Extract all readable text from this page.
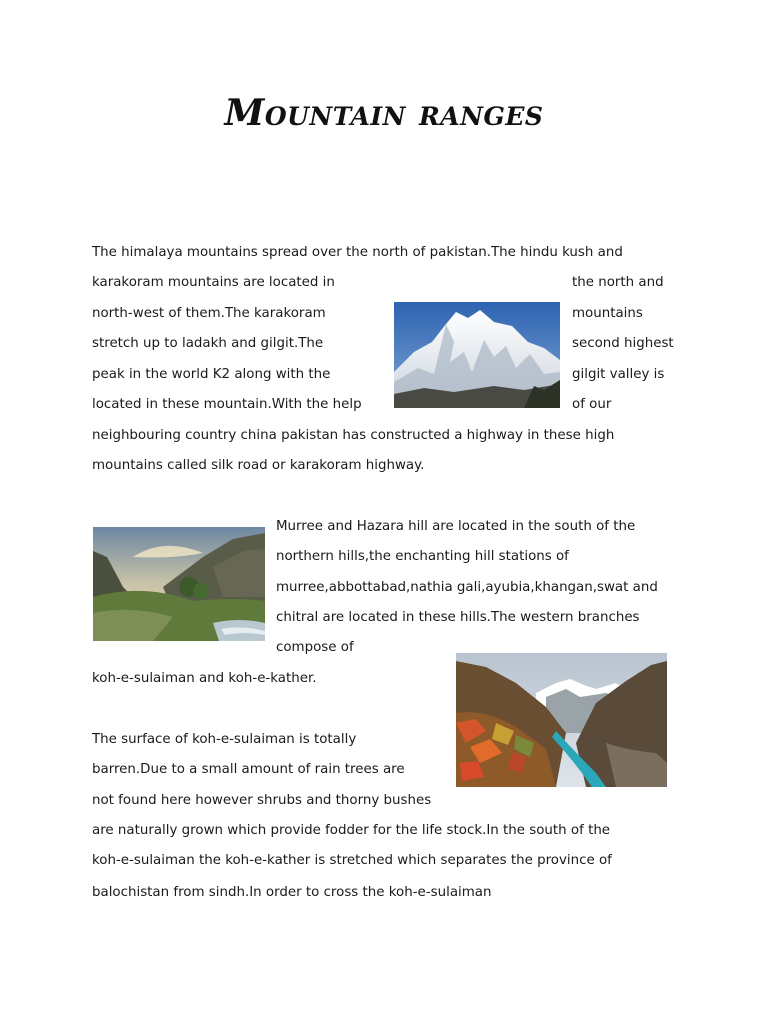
Mountain ranges
The himalaya mountains spread over the north of pakistan.The hindu kush and
karakoram mountains are located in	the north and
north-west of them.The karakoram	mountains
stretch up to ladakh and gilgit.The	second highest
peak in the world K2 along with the	gilgit valley is
located in these mountain.With the help	of our
neighbouring country china pakistan has constructed a highway in these high
mountains called silk road or karakoram highway.
Murree and Hazara hill are located in the south of the
northern hills,the enchanting hill stations of
murree,abbottabad,nathia gali,ayubia,khangan,swat and
chitral are located in these hills.The western branches
compose of
koh-e-sulaiman and koh-e-kather.
The surface of koh-e-sulaiman is totally
barren.Due to a small amount of rain trees are
not found here however shrubs and thorny bushes
are naturally grown which provide fodder for the life stock.In the south of the
koh-e-sulaiman the koh-e-kather is stretched which separates the province of
balochistan from sindh.In order to cross the koh-e-sulaiman
